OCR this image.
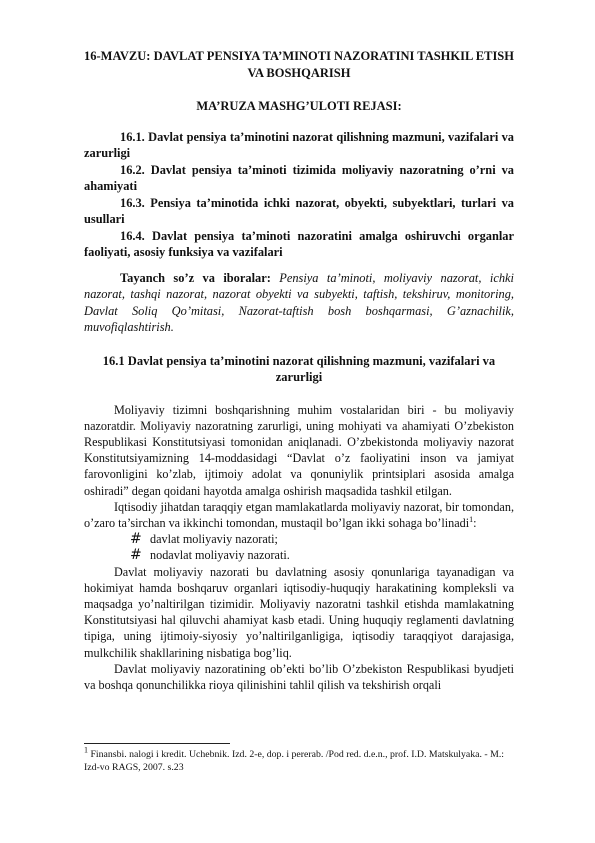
16-MAVZU: DAVLAT PENSIYA TA’MINOTI NAZORATINI TASHKIL ETISH VA BOSHQARISH

MA’RUZA MASHG’ULOTI REJASI:

16.1. Davlat pensiya ta’minotini nazorat qilishning mazmuni, vazifalari va zarurligi

16.2. Davlat pensiya ta’minoti tizimida moliyaviy nazoratning o’rni va ahamiyati

16.3. Pensiya ta’minotida ichki nazorat, obyekti, subyektlari, turlari va usullari

16.4. Davlat pensiya ta’minoti nazoratini amalga oshiruvchi organlar faoliyati, asosiy funksiya va vazifalari

Tayanch so’z va iboralar: Pensiya ta’minoti, moliyaviy nazorat, ichki nazorat, tashqi nazorat, nazorat obyekti va subyekti, taftish, tekshiruv, monitoring, Davlat Soliq Qo’mitasi, Nazorat-taftish bosh boshqarmasi, G’aznachilik, muvofiqlashtirish.

16.1 Davlat pensiya ta’minotini nazorat qilishning mazmuni, vazifalari va zarurligi

Moliyaviy tizimni boshqarishning muhim vostalaridan biri - bu moliyaviy nazoratdir. Moliyaviy nazoratning zarurligi, uning mohiyati va ahamiyati O’zbekiston Respublikasi Konstitutsiyasi tomonidan aniqlanadi. O’zbekistonda moliyaviy nazorat Konstitutsiyamizning 14-moddasidagi “Davlat o’z faoliyatini inson va jamiyat farovonligini ko’zlab, ijtimoiy adolat va qonuniylik printsiplari asosida amalga oshiradi” degan qoidani hayotda amalga oshirish maqsadida tashkil etilgan.

Iqtisodiy jihatdan taraqqiy etgan mamlakatlarda moliyaviy nazorat, bir tomondan, o’zaro ta’sirchan va ikkinchi tomondan, mustaqil bo’lgan ikki sohaga bo’linadi$^1$:

# davlat moliyaviy nazorati;
# nodavlat moliyaviy nazorati.

Davlat moliyaviy nazorati bu davlatning asosiy qonunlariga tayanadigan va hokimiyat hamda boshqaruv organlari iqtisodiy-huquqiy harakatining kompleksli va maqsadga yo’naltirilgan tizimidir. Moliyaviy nazoratni tashkil etishda mamlakatning Konstitutsiyasi hal qiluvchi ahamiyat kasb etadi. Uning huquqiy reglamenti davlatning tipiga, uning ijtimoiy-siyosiy yo’naltirilganligiga, iqtisodiy taraqqiyot darajasiga, mulkchilik shakllarining nisbatiga bog’liq.

Davlat moliyaviy nazoratining ob’ekti bo’lib O’zbekiston Respublikasi byudjeti va boshqa qonunchilikka rioya qilinishini tahlil qilish va tekshirish orqali

$^1$ Finansbi. nalogi i kredit. Uchebnik. Izd. 2-e, dop. i pererab. /Pod red. d.e.n., prof. I.D. Matskulyaka. - M.: Izd-vo RAGS, 2007. s.23
